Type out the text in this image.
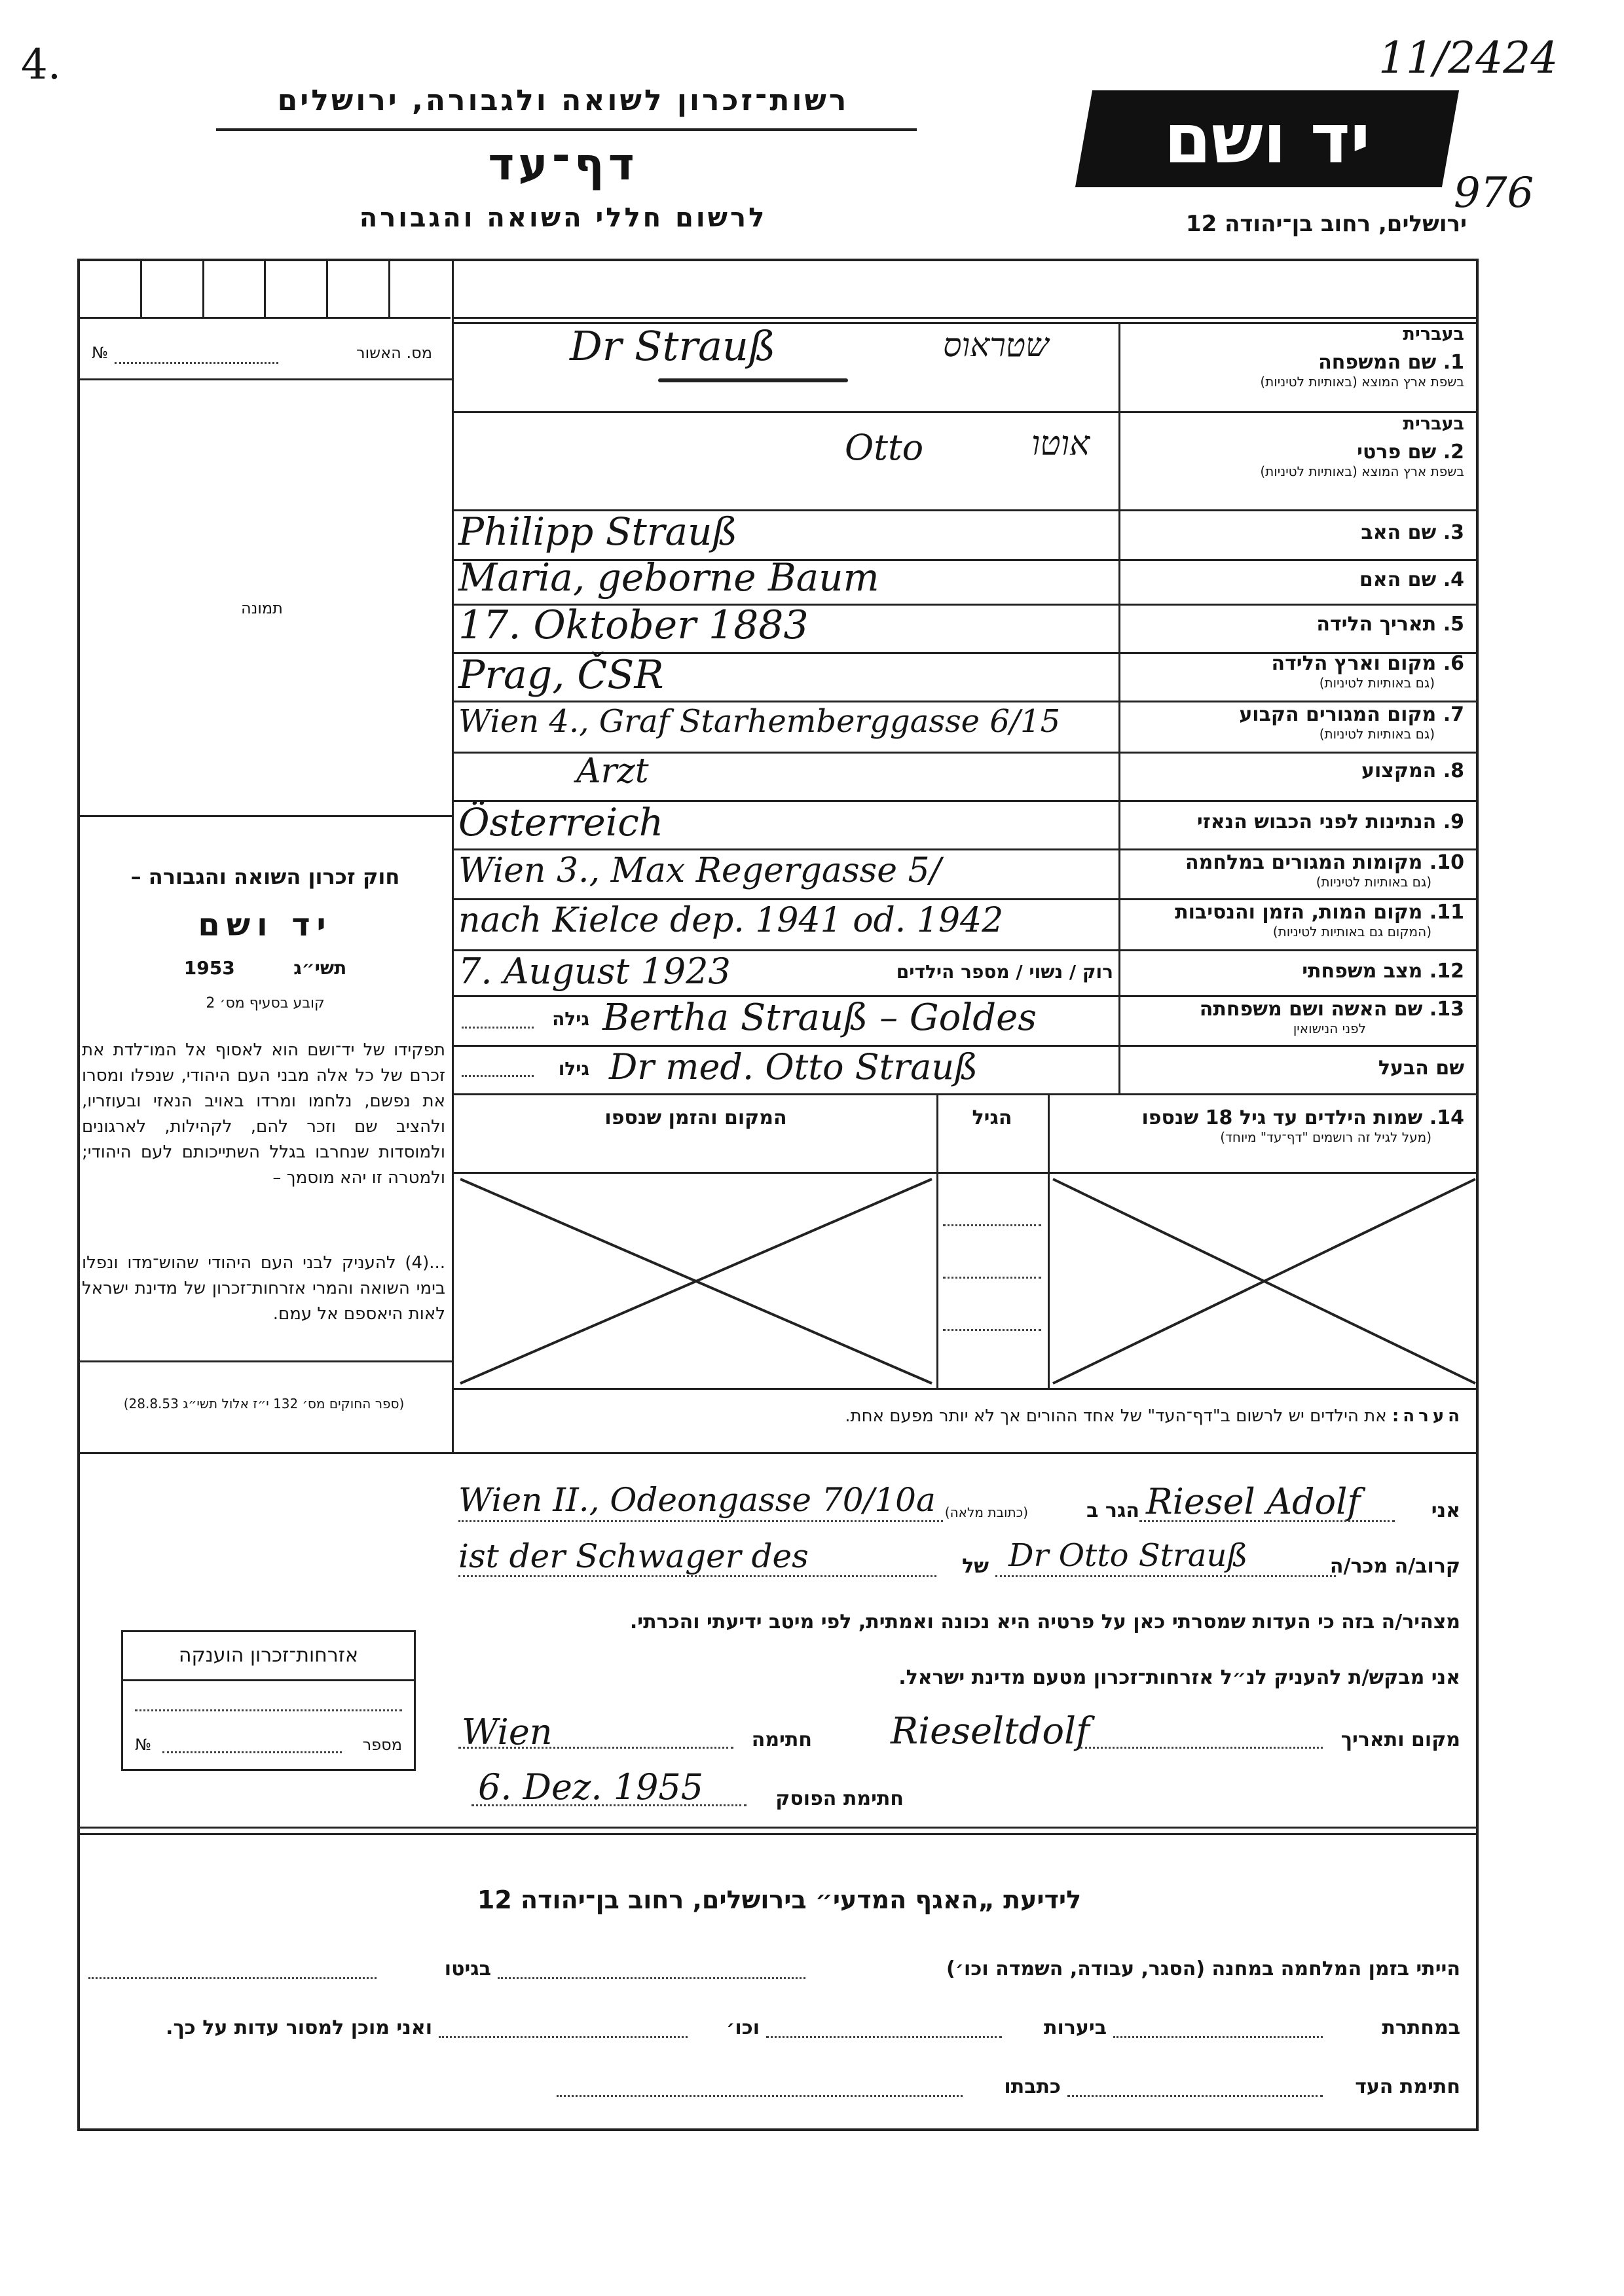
4.	11/2424
976
רשות־זכרון לשואה ולגבורה, ירושלים
דף־עד
לרשום חללי השואה והגבורה
יד ושם
ירושלים, רחוב בן־יהודה 12
מס. האשור
№
תמונה
חוק זכרון השואה והגבורה –
יד ושם
1953	תשי״ג
קובע בסעיף מס׳ 2
תפקידו של יד־ושם הוא לאסוף אל המו־לדת את זכרם של כל אלה מבני העם היהודי, שנפלו ומסרו את נפשם, נלחמו ומרדו באויב הנאזי ובעוזריו, ולהציב שם וזכר להם, לקהילות, לארגונים ולמוסדות שנחרבו בגלל השתייכותם לעם היהודי; ולמטרה זו יהא מוסמך –
...(4) להעניק לבני העם היהודי שהוש־מדו ונפלו בימי השואה והמרי אזרחות־זכרון של מדינת ישראל לאות היאספם אל עמם.
(ספר החוקים מס׳ 132 י״ז אלול תשי״ג 28.8.53)
בעברית
1. שם המשפחה
בשפת ארץ המוצא (באותיות לטיניות)
Dr Strauß	שטראוס
בעברית
2. שם פרטי
בשפת ארץ המוצא (באותיות לטיניות)
Otto	אוטו
3. שם האב
Philipp Strauß
4. שם האם
Maria, geborne Baum
5. תאריך הלידה
17. Oktober 1883
6. מקום וארץ הלידה
(גם באותיות לטיניות)
Prag, ČSR
7. מקום המגורים הקבוע
(גם באותיות לטיניות)
Wien 4., Graf Starhemberggasse 6/15
8. המקצוע
Arzt
9. הנתינות לפני הכבוש הנאזי
Österreich
10. מקומות המגורים במלחמה
(גם באותיות לטיניות)
Wien 3., Max Regergasse 5/
11. מקום המות, הזמן והנסיבות
(המקום גם באותיות לטיניות)
nach Kielce dep. 1941 od. 1942
12. מצב משפחתי
רוק / נשוי / מספר הילדים
7. August 1923
13. שם האשה ושם משפחתה
לפני הנישואין
גילה Bertha Strauß – Goldes
שם הבעל
גילו Dr med. Otto Strauß
14. שמות הילדים עד גיל 18 שנספו
(מעל לגיל זה רושמים "דף־עד" מיוחד)
הגיל
המקום והזמן שנספו
הערה: את הילדים יש לרשום ב"דף־העד" של אחד ההורים אך לא יותר מפעם אחת.
אני
Riesel Adolf
הגר ב
(כתובת מלאה)
Wien II., Odeongasse 70/10a
קרוב/ה מכר/ה
Dr Otto Strauß
של
ist der Schwager des
מצהיר/ה בזה כי העדות שמסרתי כאן על פרטיה היא נכונה ואמתית, לפי מיטב ידיעתי והכרתי.
אני מבקש/ת להעניק לנ״ל אזרחות־זכרון מטעם מדינת ישראל.
מקום ותאריך
Rieseltdolf
חתימה
Wien
חתימת הפוסק
6. Dez. 1955
אזרחות־זכרון הוענקה
מספר
№
לידיעת „האגף המדעי״ בירושלים, רחוב בן־יהודה 12
הייתי בזמן המלחמה במחנה (הסגר, עבודה, השמדה וכו׳)
בגיטו
במחתרת
ביערות
וכו׳
ואני מוכן למסור עדות על כך.
חתימת העד
כתבתו
